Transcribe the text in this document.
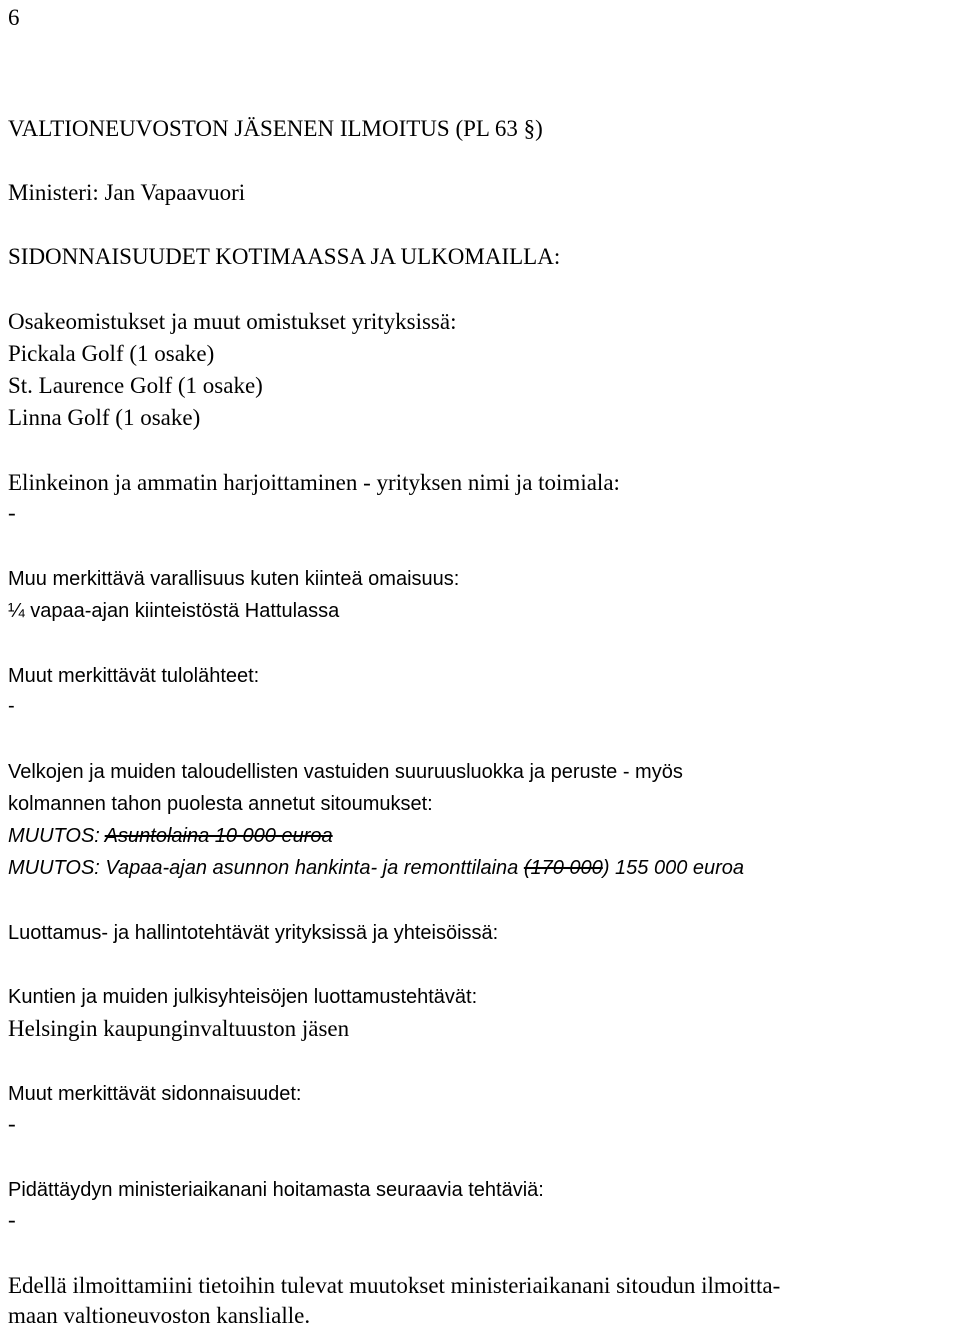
6
VALTIONEUVOSTON JÄSENEN ILMOITUS (PL 63 §)
Ministeri: Jan Vapaavuori
SIDONNAISUUDET KOTIMAASSA JA ULKOMAILLA:
Osakeomistukset ja muut omistukset yrityksissä:
Pickala Golf (1 osake)
St. Laurence Golf (1 osake)
Linna Golf (1 osake)
Elinkeinon ja ammatin harjoittaminen - yrityksen nimi ja toimiala:
-
Muu merkittävä varallisuus kuten kiinteä omaisuus:
¼ vapaa-ajan kiinteistöstä Hattulassa
Muut merkittävät tulolähteet:
-
Velkojen ja muiden taloudellisten vastuiden suuruusluokka ja peruste - myös
kolmannen tahon puolesta annetut sitoumukset:
MUUTOS: Asuntolaina 10 000 euroa
MUUTOS: Vapaa-ajan asunnon hankinta- ja remonttilaina (170 000) 155 000 euroa
Luottamus- ja hallintotehtävät yrityksissä ja yhteisöissä:
Kuntien ja muiden julkisyhteisöjen luottamustehtävät:
Helsingin kaupunginvaltuuston jäsen
Muut merkittävät sidonnaisuudet:
-
Pidättäydyn ministeriaikanani hoitamasta seuraavia tehtäviä:
-
Edellä ilmoittamiini tietoihin tulevat muutokset ministeriaikanani sitoudun ilmoitta-
maan valtioneuvoston kanslialle.
